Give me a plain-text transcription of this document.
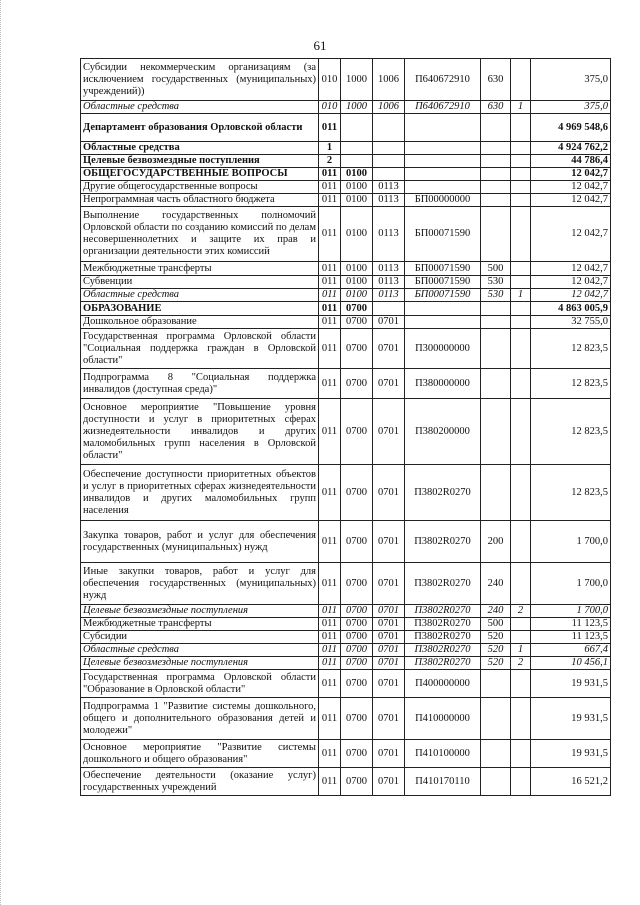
61
Субсидии некоммерческим организациям (за исключением государственных (муниципальных) учреждений))	010	1000	1006	П640672910	630		375,0
Областные средства	010	1000	1006	П640672910	630	1	375,0
Департамент образования Орловской области	011						4 969 548,6
Областные средства	1						4 924 762,2
Целевые безвозмездные поступления	2						44 786,4
ОБЩЕГОСУДАРСТВЕННЫЕ ВОПРОСЫ	011	0100					12 042,7
Другие общегосударственные вопросы	011	0100	0113				12 042,7
Непрограммная часть областного бюджета	011	0100	0113	БП00000000			12 042,7
Выполнение государственных полномочий Орловской области по созданию комиссий по делам несовершеннолетних и защите их прав и организации деятельности этих комиссий	011	0100	0113	БП00071590			12 042,7
Межбюджетные трансферты	011	0100	0113	БП00071590	500		12 042,7
Субвенции	011	0100	0113	БП00071590	530		12 042,7
Областные средства	011	0100	0113	БП00071590	530	1	12 042,7
ОБРАЗОВАНИЕ	011	0700					4 863 005,9
Дошкольное образование	011	0700	0701				32 755,0
Государственная программа Орловской области "Социальная поддержка граждан в Орловской области"	011	0700	0701	П300000000			12 823,5
Подпрограмма 8 "Социальная поддержка инвалидов (доступная среда)"	011	0700	0701	П380000000			12 823,5
Основное мероприятие "Повышение уровня доступности и услуг в приоритетных сферах жизнедеятельности инвалидов и других маломобильных групп населения в Орловской области"	011	0700	0701	П380200000			12 823,5
Обеспечение доступности приоритетных объектов и услуг в приоритетных сферах жизнедеятельности инвалидов и других маломобильных групп населения	011	0700	0701	П3802R0270			12 823,5
Закупка товаров, работ и услуг для обеспечения государственных (муниципальных) нужд	011	0700	0701	П3802R0270	200		1 700,0
Иные закупки товаров, работ и услуг для обеспечения государственных (муниципальных) нужд	011	0700	0701	П3802R0270	240		1 700,0
Целевые безвозмездные поступления	011	0700	0701	П3802R0270	240	2	1 700,0
Межбюджетные трансферты	011	0700	0701	П3802R0270	500		11 123,5
Субсидии	011	0700	0701	П3802R0270	520		11 123,5
Областные средства	011	0700	0701	П3802R0270	520	1	667,4
Целевые безвозмездные поступления	011	0700	0701	П3802R0270	520	2	10 456,1
Государственная программа Орловской области "Образование в Орловской области"	011	0700	0701	П400000000			19 931,5
Подпрограмма 1 "Развитие системы дошкольного, общего и дополнительного образования детей и молодежи"	011	0700	0701	П410000000			19 931,5
Основное мероприятие "Развитие системы дошкольного и общего образования"	011	0700	0701	П410100000			19 931,5
Обеспечение деятельности (оказание услуг) государственных учреждений	011	0700	0701	П410170110			16 521,2
